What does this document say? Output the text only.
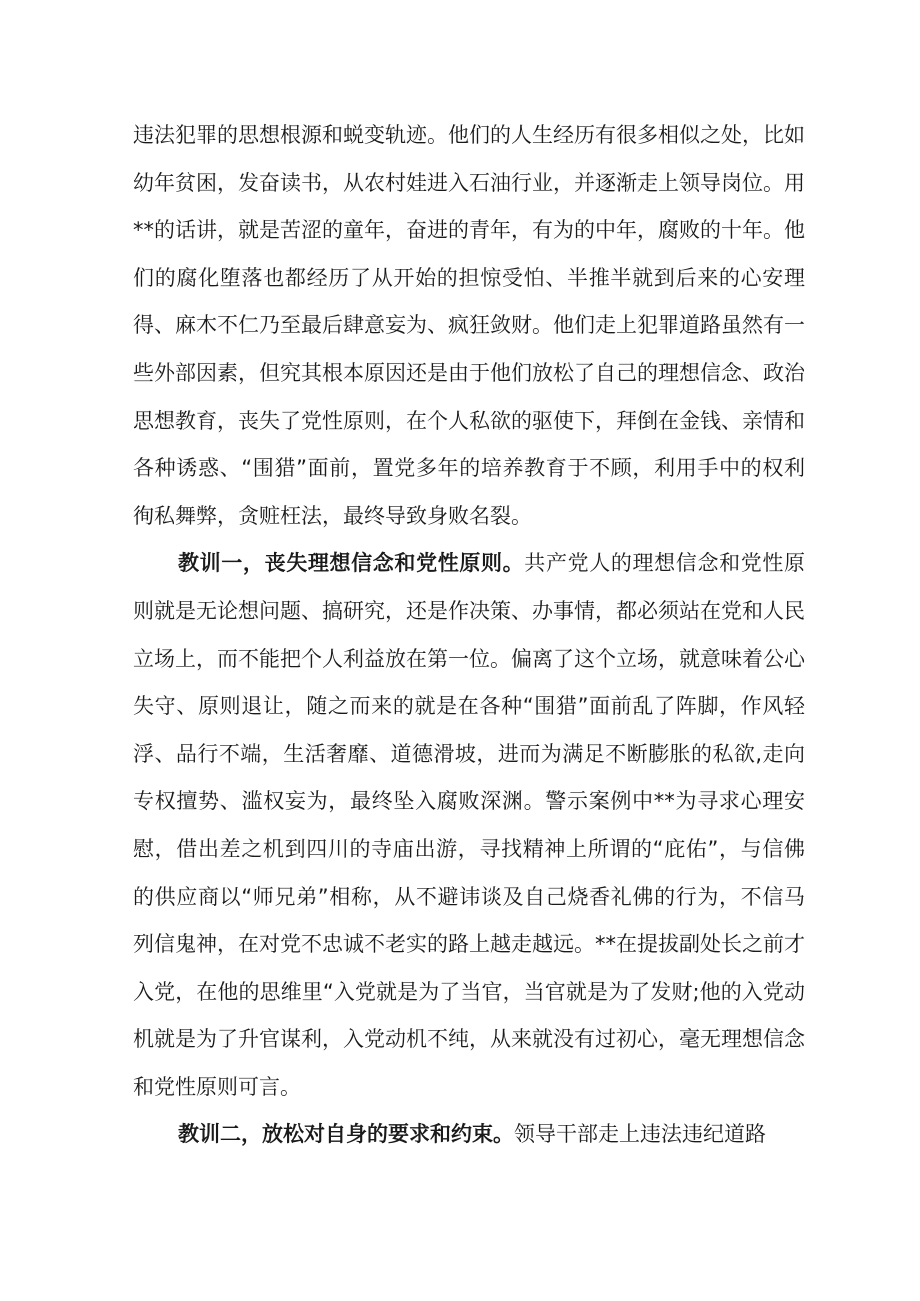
违法犯罪的思想根源和蜕变轨迹。他们的人生经历有很多相似之处，比如幼年贫困，发奋读书，从农村娃进入石油行业，并逐渐走上领导岗位。用**的话讲，就是苦涩的童年，奋进的青年，有为的中年，腐败的十年。他们的腐化堕落也都经历了从开始的担惊受怕、半推半就到后来的心安理得、麻木不仁乃至最后肆意妄为、疯狂敛财。他们走上犯罪道路虽然有一些外部因素，但究其根本原因还是由于他们放松了自己的理想信念、政治思想教育，丧失了党性原则，在个人私欲的驱使下，拜倒在金钱、亲情和各种诱惑、“围猎”面前，置党多年的培养教育于不顾，利用手中的权利徇私舞弊，贪赃枉法，最终导致身败名裂。

教训一，丧失理想信念和党性原则。共产党人的理想信念和党性原则就是无论想问题、搞研究，还是作决策、办事情，都必须站在党和人民立场上，而不能把个人利益放在第一位。偏离了这个立场，就意味着公心失守、原则退让，随之而来的就是在各种“围猎”面前乱了阵脚，作风轻浮、品行不端，生活奢靡、道德滑坡，进而为满足不断膨胀的私欲,走向专权擅势、滥权妄为，最终坠入腐败深渊。警示案例中**为寻求心理安慰，借出差之机到四川的寺庙出游，寻找精神上所谓的“庇佑”，与信佛的供应商以“师兄弟”相称，从不避讳谈及自己烧香礼佛的行为，不信马列信鬼神，在对党不忠诚不老实的路上越走越远。**在提拔副处长之前才入党，在他的思维里“入党就是为了当官，当官就是为了发财;他的入党动机就是为了升官谋利，入党动机不纯，从来就没有过初心，毫无理想信念和党性原则可言。

教训二，放松对自身的要求和约束。领导干部走上违法违纪道路
